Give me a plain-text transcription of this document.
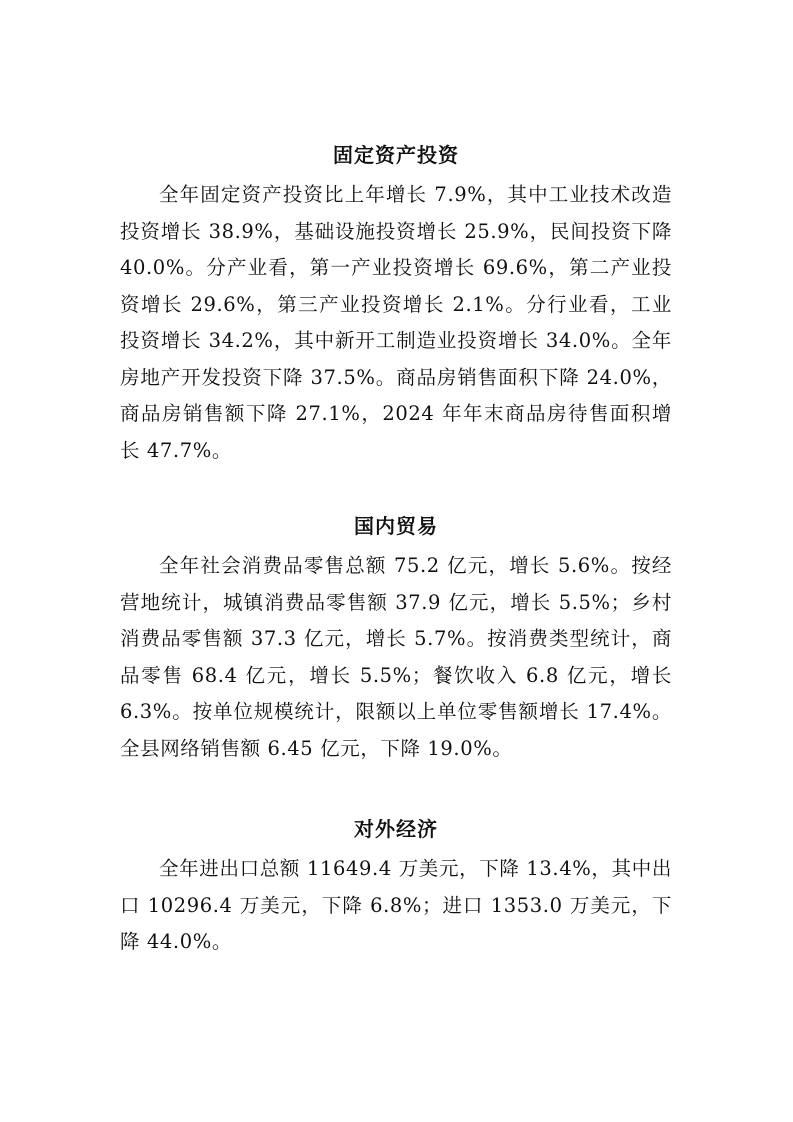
固定资产投资

全年固定资产投资比上年增长 7.9%，其中工业技术改造投资增长 38.9%，基础设施投资增长 25.9%，民间投资下降 40.0%。分产业看，第一产业投资增长 69.6%，第二产业投资增长 29.6%，第三产业投资增长 2.1%。分行业看，工业投资增长 34.2%，其中新开工制造业投资增长 34.0%。全年房地产开发投资下降 37.5%。商品房销售面积下降 24.0%，商品房销售额下降 27.1%，2024 年年末商品房待售面积增长 47.7%。

国内贸易

全年社会消费品零售总额 75.2 亿元，增长 5.6%。按经营地统计，城镇消费品零售额 37.9 亿元，增长 5.5%；乡村消费品零售额 37.3 亿元，增长 5.7%。按消费类型统计，商品零售 68.4 亿元，增长 5.5%；餐饮收入 6.8 亿元，增长 6.3%。按单位规模统计，限额以上单位零售额增长 17.4%。全县网络销售额 6.45 亿元，下降 19.0%。

对外经济

全年进出口总额 11649.4 万美元，下降 13.4%，其中出口 10296.4 万美元，下降 6.8%；进口 1353.0 万美元，下降 44.0%。
